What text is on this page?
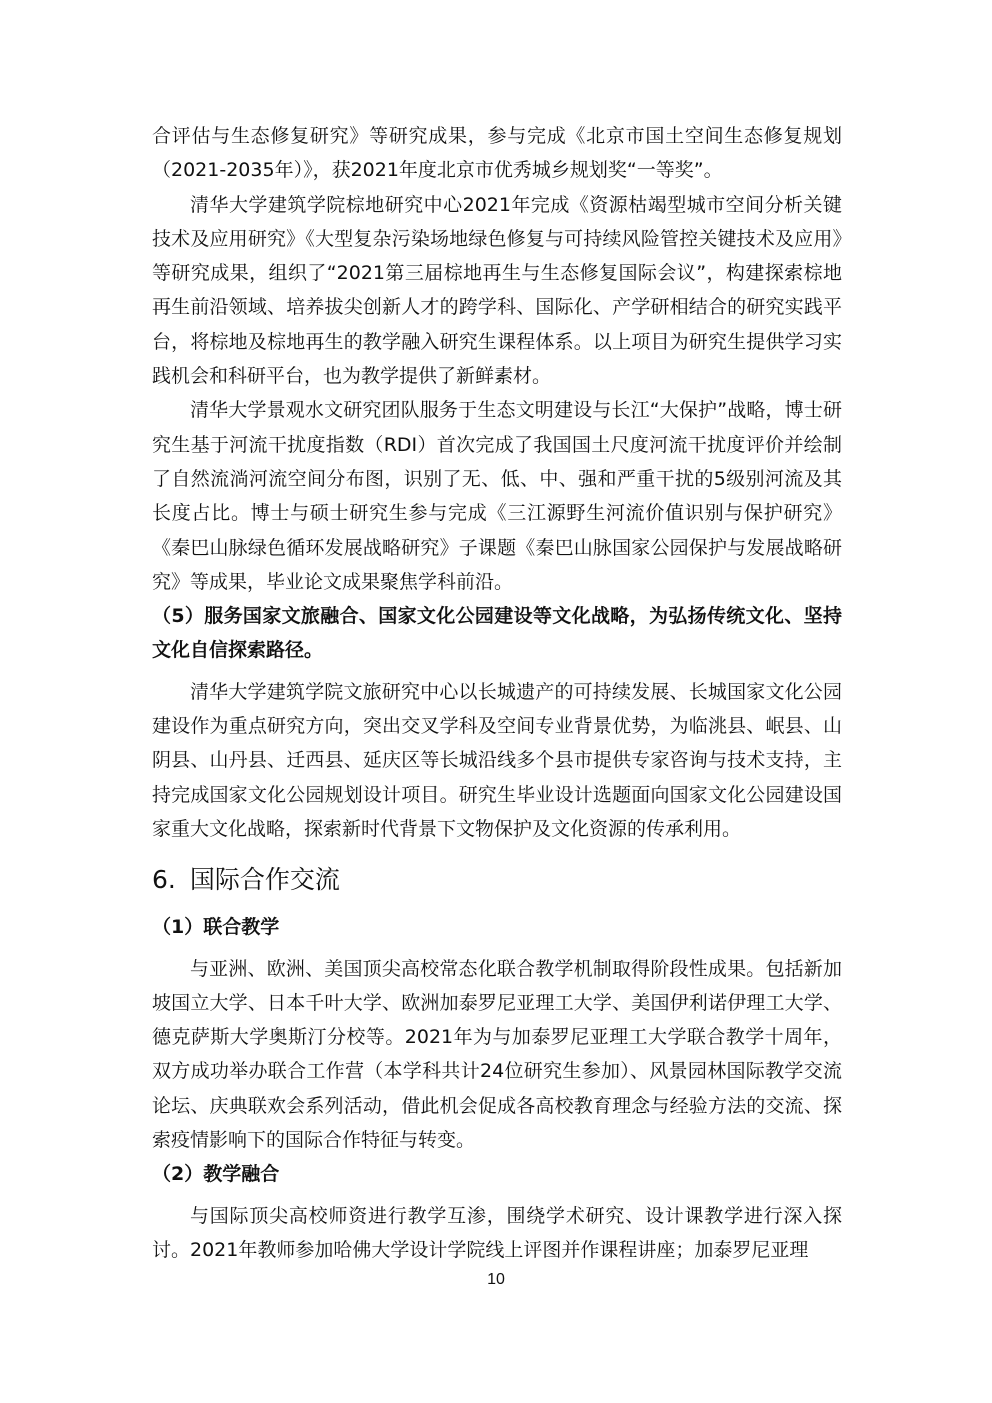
合评估与生态修复研究》等研究成果，参与完成《北京市国土空间生态修复规划（2021-2035年）》，获2021年度北京市优秀城乡规划奖“一等奖”。

清华大学建筑学院棕地研究中心2021年完成《资源枯竭型城市空间分析关键技术及应用研究》《大型复杂污染场地绿色修复与可持续风险管控关键技术及应用》等研究成果，组织了“2021第三届棕地再生与生态修复国际会议”，构建探索棕地再生前沿领域、培养拔尖创新人才的跨学科、国际化、产学研相结合的研究实践平台，将棕地及棕地再生的教学融入研究生课程体系。以上项目为研究生提供学习实践机会和科研平台，也为教学提供了新鲜素材。

清华大学景观水文研究团队服务于生态文明建设与长江“大保护”战略，博士研究生基于河流干扰度指数（RDI）首次完成了我国国土尺度河流干扰度评价并绘制了自然流淌河流空间分布图，识别了无、低、中、强和严重干扰的5级别河流及其长度占比。博士与硕士研究生参与完成《三江源野生河流价值识别与保护研究》《秦巴山脉绿色循环发展战略研究》子课题《秦巴山脉国家公园保护与发展战略研究》等成果，毕业论文成果聚焦学科前沿。

（5）服务国家文旅融合、国家文化公园建设等文化战略，为弘扬传统文化、坚持文化自信探索路径。

清华大学建筑学院文旅研究中心以长城遗产的可持续发展、长城国家文化公园建设作为重点研究方向，突出交叉学科及空间专业背景优势，为临洮县、岷县、山阴县、山丹县、迁西县、延庆区等长城沿线多个县市提供专家咨询与技术支持，主持完成国家文化公园规划设计项目。研究生毕业设计选题面向国家文化公园建设国家重大文化战略，探索新时代背景下文物保护及文化资源的传承利用。

6. 国际合作交流

（1）联合教学

与亚洲、欧洲、美国顶尖高校常态化联合教学机制取得阶段性成果。包括新加坡国立大学、日本千叶大学、欧洲加泰罗尼亚理工大学、美国伊利诺伊理工大学、德克萨斯大学奥斯汀分校等。2021年为与加泰罗尼亚理工大学联合教学十周年，双方成功举办联合工作营（本学科共计24位研究生参加）、风景园林国际教学交流论坛、庆典联欢会系列活动，借此机会促成各高校教育理念与经验方法的交流、探索疫情影响下的国际合作特征与转变。

（2）教学融合

与国际顶尖高校师资进行教学互渗，围绕学术研究、设计课教学进行深入探讨。2021年教师参加哈佛大学设计学院线上评图并作课程讲座；加泰罗尼亚理

10
